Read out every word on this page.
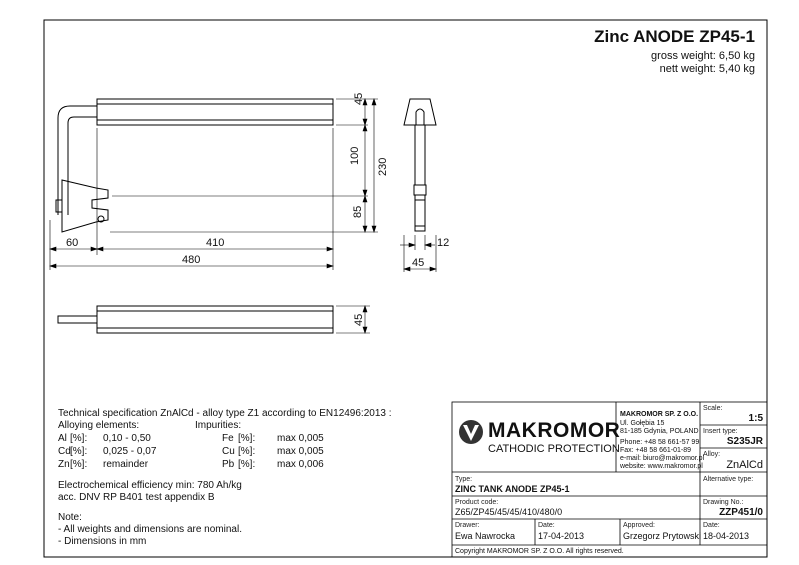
Zinc ANODE ZP45-1
gross weight: 6,50 kg
nett weight: 5,40 kg
60	410
480
45
100
85
230
12
45
45
Technical specification ZnAlCd - alloy type Z1 according to EN12496:2013 :
Alloying elements:	Impurities:
Al [%]: 0,10 - 0,50	Fe [%]: max 0,005
Cd [%]: 0,025 - 0,07	Cu [%]: max 0,005
Zn [%]: remainder	Pb [%]: max 0,006
Electrochemical efficiency min: 780 Ah/kg
acc. DNV RP B401 test appendix B
Note:
- All weights and dimensions are nominal.
- Dimensions in mm
MAKROMOR
CATHODIC PROTECTION
MAKROMOR SP. Z O.O.
Ul. Gołębia 15
81-185 Gdynia, POLAND
Phone: +48 58 661-57 99
Fax: +48 58 661-01-89
e-mail: biuro@makromor.pl
website: www.makromor.pl
Scale:
1:5
Insert type:
S235JR
Alloy:
ZnAlCd
Alternative type:
Type:
ZINC TANK ANODE ZP45-1
Product code:
Z65/ZP45/45/45/410/480/0
Drawing No.:
ZZP451/0
Drawer:
Ewa Nawrocka
Date:
17-04-2013
Approved:
Grzegorz Prytowski
Date:
18-04-2013
Copyright MAKROMOR SP. Z O.O. All rights reserved.
